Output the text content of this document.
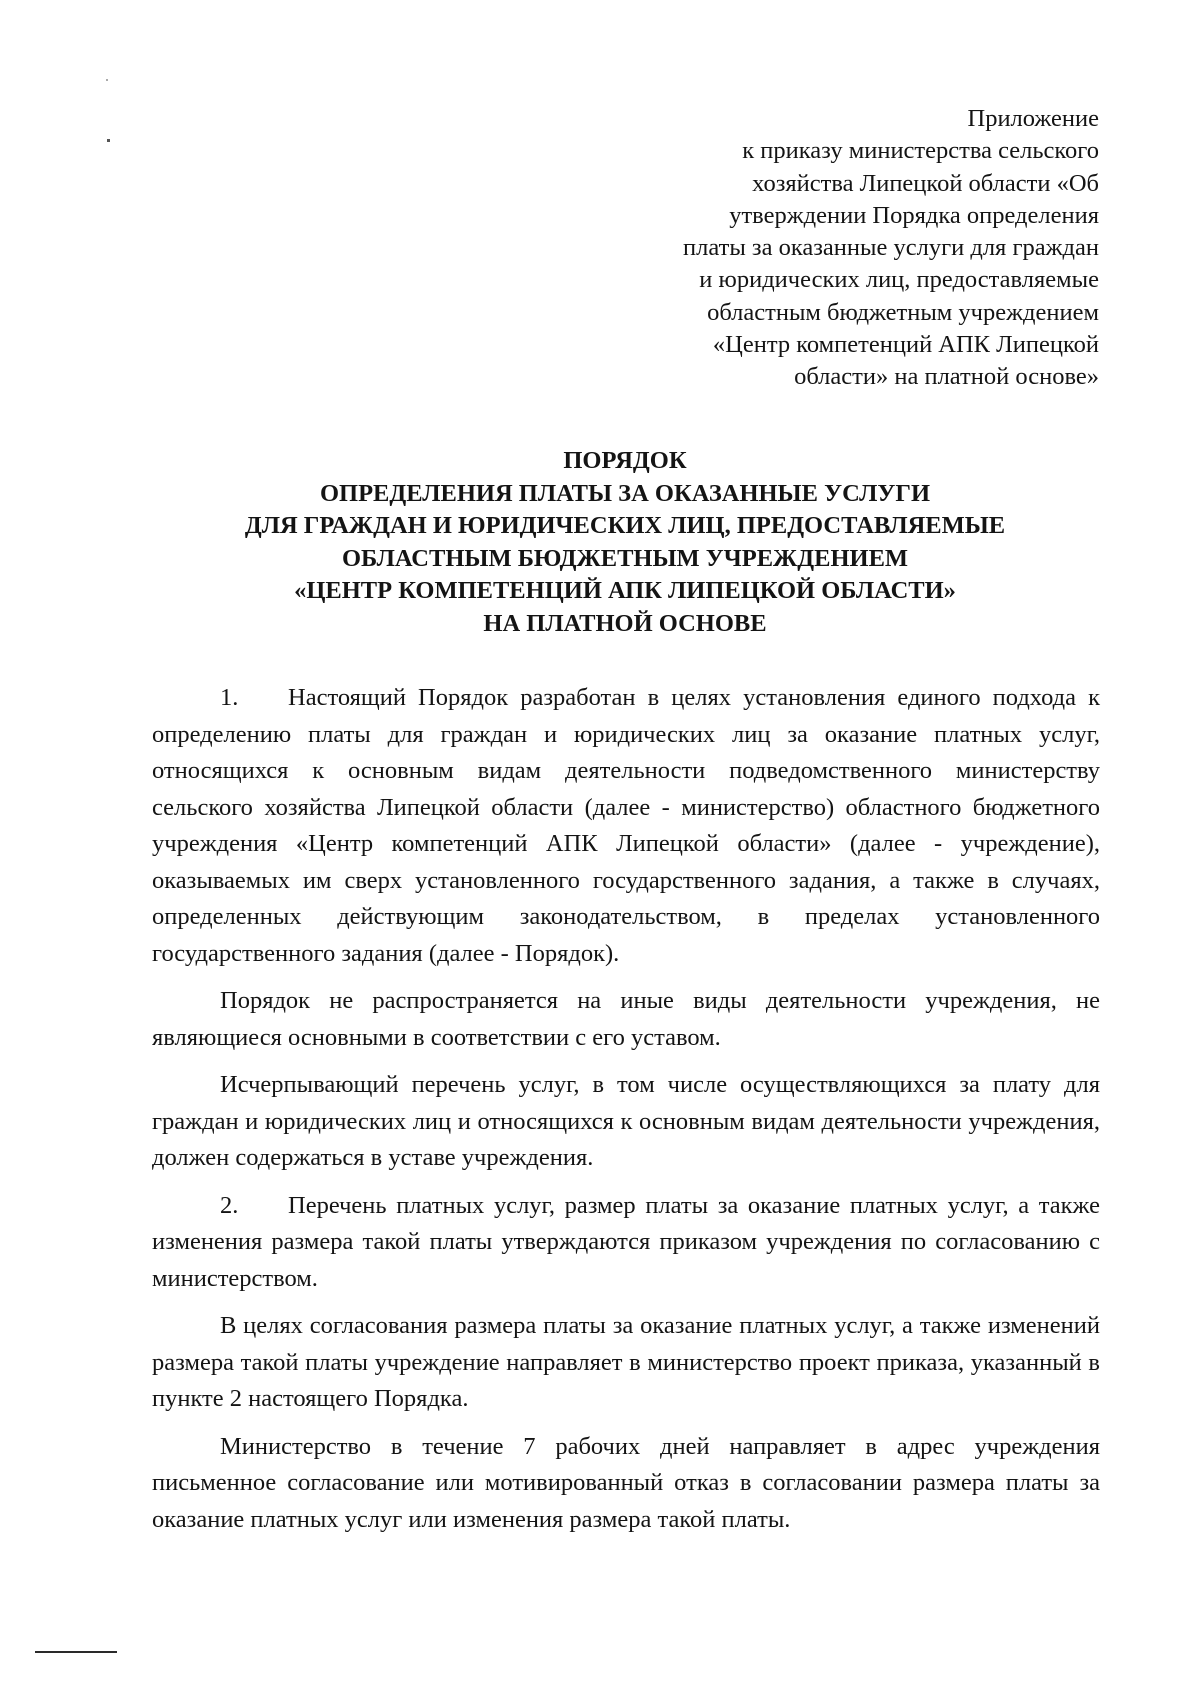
Приложение
к приказу министерства сельского
хозяйства Липецкой области «Об
утверждении Порядка определения
платы за оказанные услуги для граждан
и юридических лиц, предоставляемые
областным бюджетным учреждением
«Центр компетенций АПК Липецкой
области» на платной основе»
ПОРЯДОК
ОПРЕДЕЛЕНИЯ ПЛАТЫ ЗА ОКАЗАННЫЕ УСЛУГИ
ДЛЯ ГРАЖДАН И ЮРИДИЧЕСКИХ ЛИЦ, ПРЕДОСТАВЛЯЕМЫЕ
ОБЛАСТНЫМ БЮДЖЕТНЫМ УЧРЕЖДЕНИЕМ
«ЦЕНТР КОМПЕТЕНЦИЙ АПК ЛИПЕЦКОЙ ОБЛАСТИ»
НА ПЛАТНОЙ ОСНОВЕ

1. Настоящий Порядок разработан в целях установления единого подхода к определению платы для граждан и юридических лиц за оказание платных услуг, относящихся к основным видам деятельности подведомственного министерству сельского хозяйства Липецкой области (далее - министерство) областного бюджетного учреждения «Центр компетенций АПК Липецкой области» (далее - учреждение), оказываемых им сверх установленного государственного задания, а также в случаях, определенных действующим законодательством, в пределах установленного государственного задания (далее - Порядок).

Порядок не распространяется на иные виды деятельности учреждения, не являющиеся основными в соответствии с его уставом.

Исчерпывающий перечень услуг, в том числе осуществляющихся за плату для граждан и юридических лиц и относящихся к основным видам деятельности учреждения, должен содержаться в уставе учреждения.

2. Перечень платных услуг, размер платы за оказание платных услуг, а также изменения размера такой платы утверждаются приказом учреждения по согласованию с министерством.

В целях согласования размера платы за оказание платных услуг, а также изменений размера такой платы учреждение направляет в министерство проект приказа, указанный в пункте 2 настоящего Порядка.

Министерство в течение 7 рабочих дней направляет в адрес учреждения письменное согласование или мотивированный отказ в согласовании размера платы за оказание платных услуг или изменения размера такой платы.
